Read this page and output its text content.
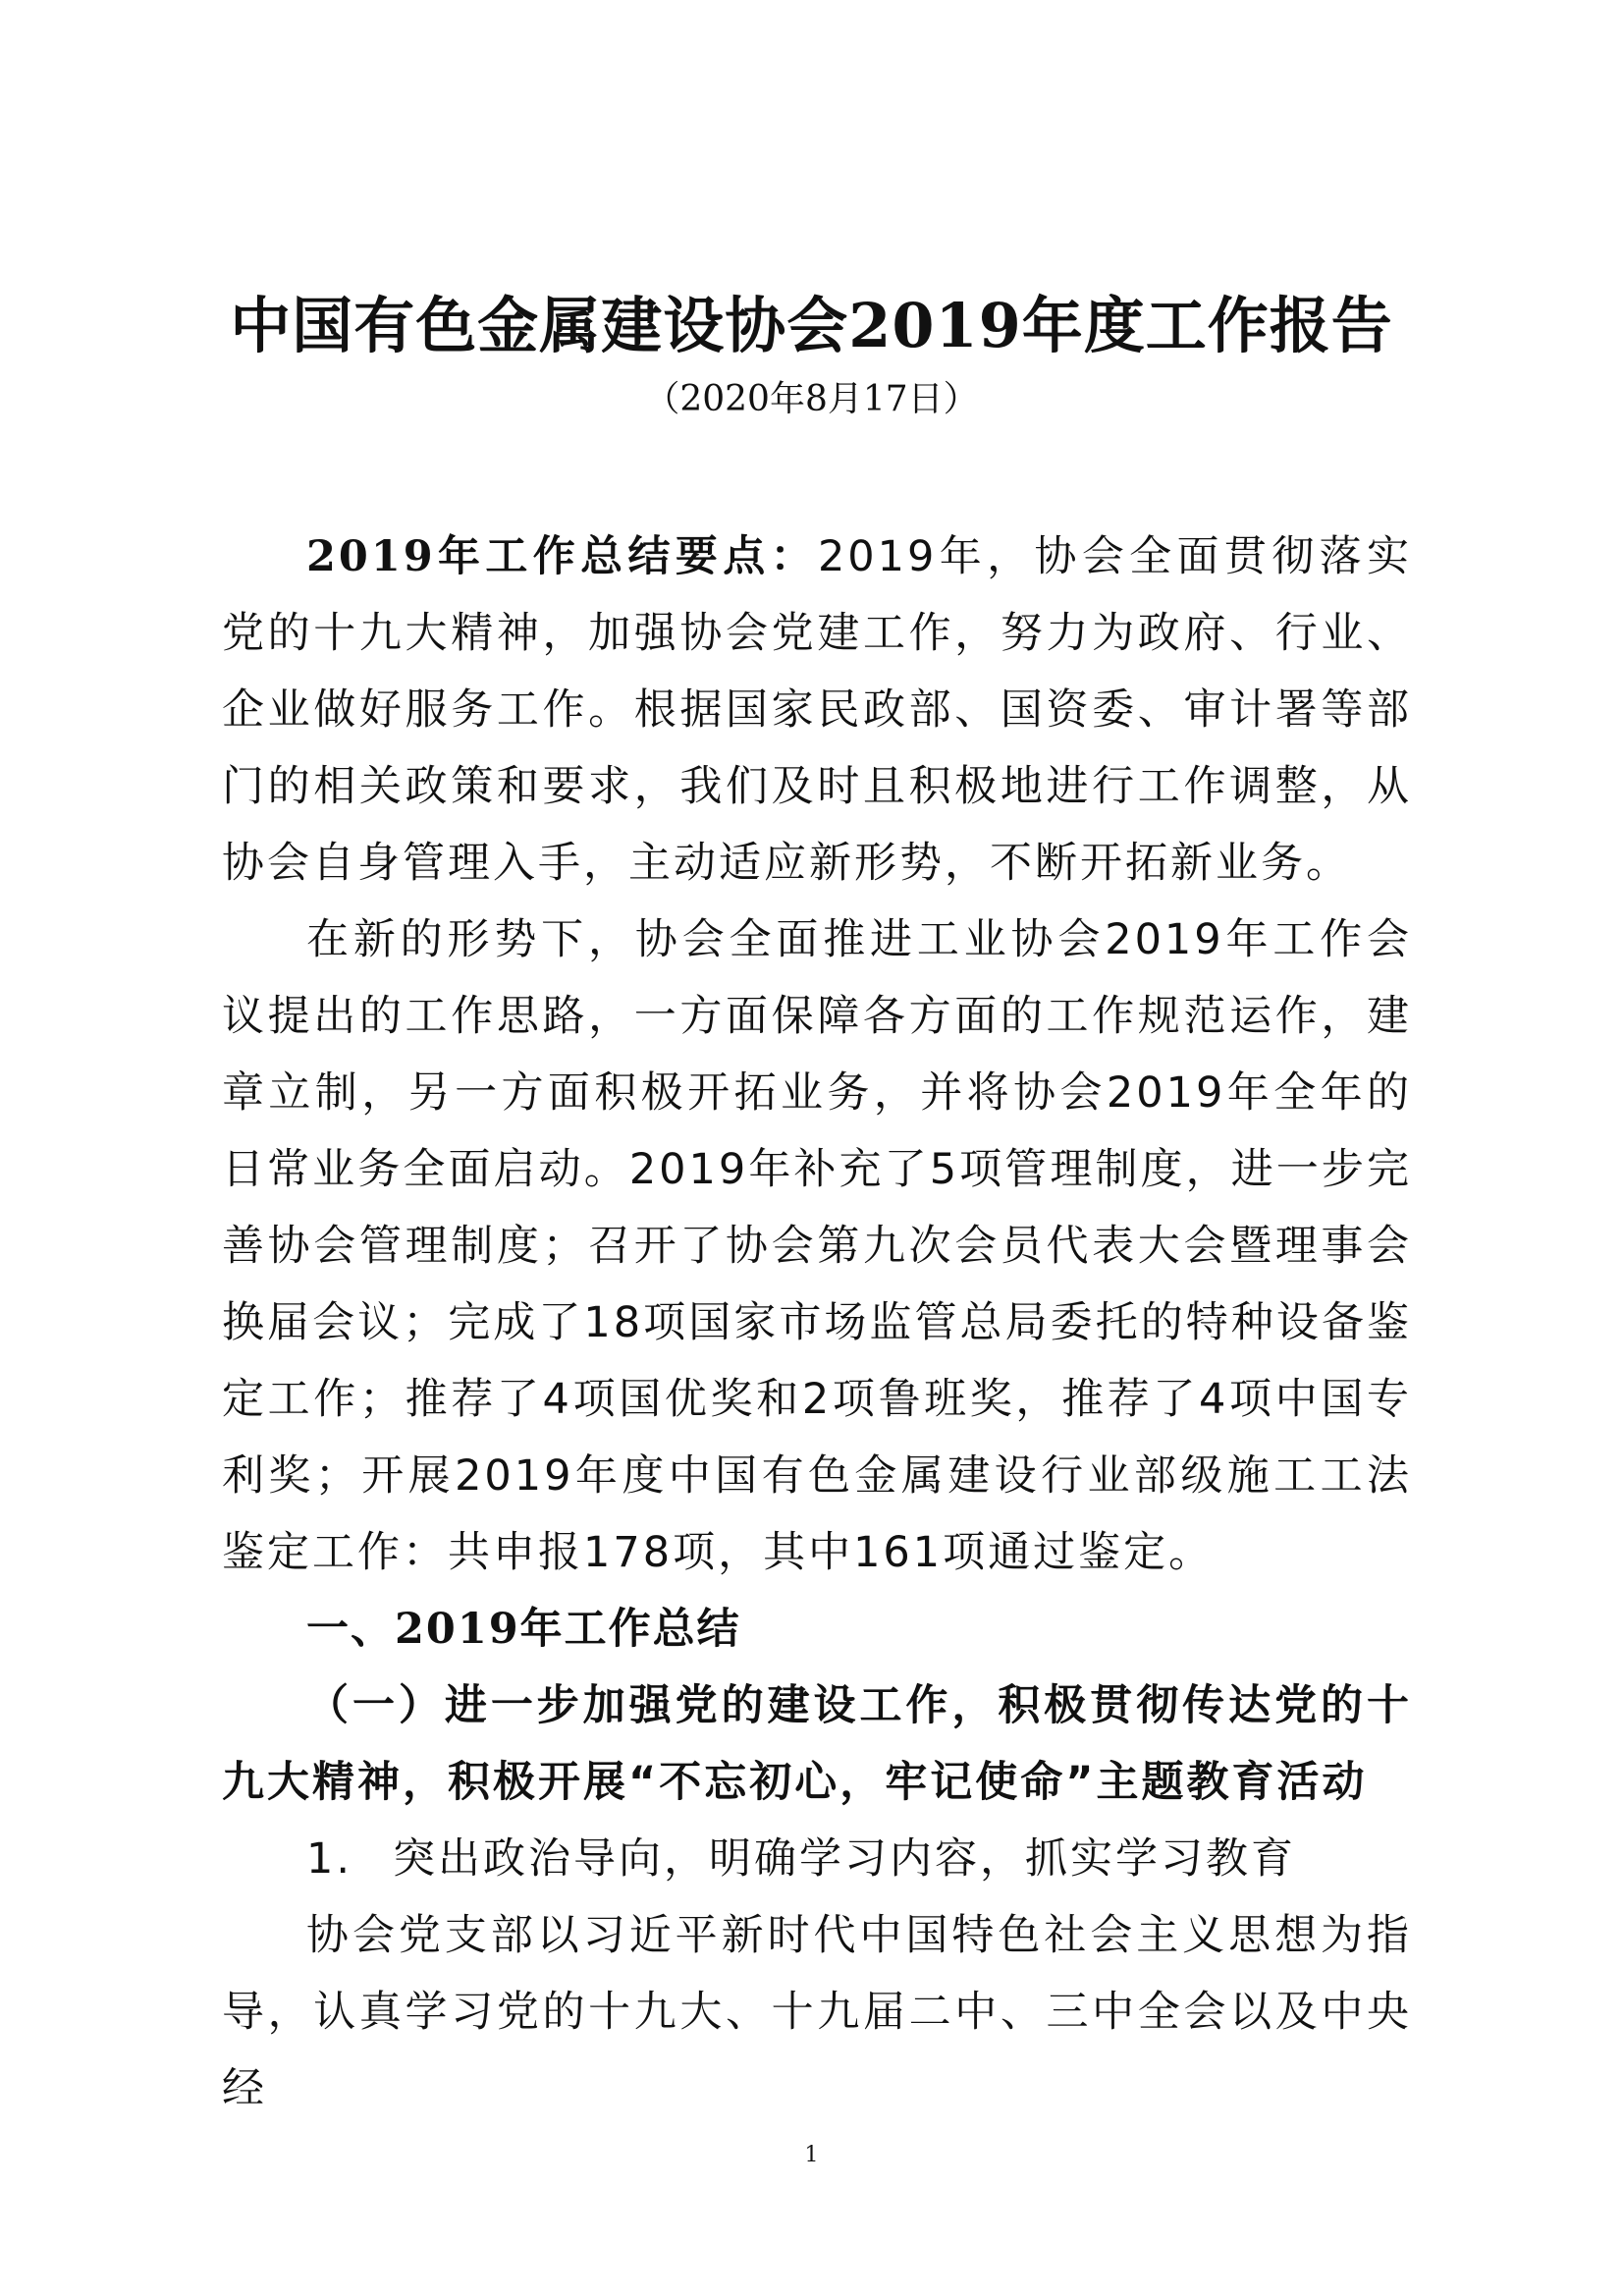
中国有色金属建设协会2019年度工作报告

（2020年8月17日）

2019年工作总结要点：2019年，协会全面贯彻落实党的十九大精神，加强协会党建工作，努力为政府、行业、企业做好服务工作。根据国家民政部、国资委、审计署等部门的相关政策和要求，我们及时且积极地进行工作调整，从协会自身管理入手，主动适应新形势，不断开拓新业务。

在新的形势下，协会全面推进工业协会2019年工作会议提出的工作思路，一方面保障各方面的工作规范运作，建章立制，另一方面积极开拓业务，并将协会2019年全年的日常业务全面启动。2019年补充了5项管理制度，进一步完善协会管理制度；召开了协会第九次会员代表大会暨理事会换届会议；完成了18项国家市场监管总局委托的特种设备鉴定工作；推荐了4项国优奖和2项鲁班奖，推荐了4项中国专利奖；开展2019年度中国有色金属建设行业部级施工工法鉴定工作：共申报178项，其中161项通过鉴定。

一、2019年工作总结
（一）进一步加强党的建设工作，积极贯彻传达党的十九大精神，积极开展“不忘初心，牢记使命”主题教育活动

1. 突出政治导向，明确学习内容，抓实学习教育

协会党支部以习近平新时代中国特色社会主义思想为指导，认真学习党的十九大、十九届二中、三中全会以及中央经

1
